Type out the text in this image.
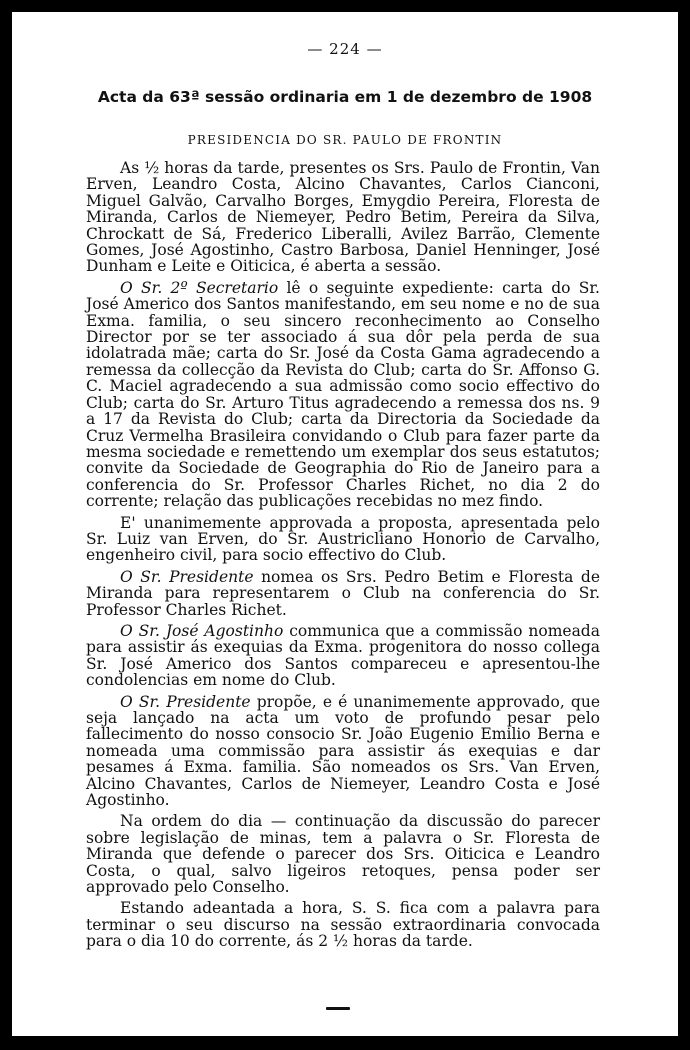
— 224 —
Acta da 63ª sessão ordinaria em 1 de dezembro de 1908
PRESIDENCIA DO SR. PAULO DE FRONTIN

As ½ horas da tarde, presentes os Srs. Paulo de Frontin, Van Erven, Leandro Costa, Alcino Chavantes, Carlos Cianconi, Miguel Galvão, Carvalho Borges, Emygdio Pereira, Floresta de Miranda, Carlos de Niemeyer, Pedro Betim, Pereira da Silva, Chrockatt de Sá, Frederico Liberalli, Avilez Barrão, Clemente Gomes, José Agostinho, Castro Barbosa, Daniel Henninger, José Dunham e Leite e Oiticica, é aberta a sessão.

O Sr. 2º Secretario lê o seguinte expediente: carta do Sr. José Americo dos Santos manifestando, em seu nome e no de sua Exma. familia, o seu sincero reconhecimento ao Conselho Director por se ter associado á sua dôr pela perda de sua idolatrada mãe; carta do Sr. José da Costa Gama agradecendo a remessa da collecção da Revista do Club; carta do Sr. Affonso G. C. Maciel agradecendo a sua admissão como socio effectivo do Club; carta do Sr. Arturo Titus agradecendo a remessa dos ns. 9 a 17 da Revista do Club; carta da Directoria da Sociedade da Cruz Vermelha Brasileira convidando o Club para fazer parte da mesma sociedade e remettendo um exemplar dos seus estatutos; convite da Sociedade de Geographia do Rio de Janeiro para a conferencia do Sr. Professor Charles Richet, no dia 2 do corrente; relação das publicações recebidas no mez findo.

E' unanimemente approvada a proposta, apresentada pelo Sr. Luiz van Erven, do Sr. Austricliano Honorio de Carvalho, engenheiro civil, para socio effectivo do Club.

O Sr. Presidente nomea os Srs. Pedro Betim e Floresta de Miranda para representarem o Club na conferencia do Sr. Professor Charles Richet.

O Sr. José Agostinho communica que a commissão nomeada para assistir ás exequias da Exma. progenitora do nosso collega Sr. José Americo dos Santos compareceu e apresentou-lhe condolencias em nome do Club.

O Sr. Presidente propõe, e é unanimemente approvado, que seja lançado na acta um voto de profundo pesar pelo fallecimento do nosso consocio Sr. João Eugenio Emilio Berna e nomeada uma commissão para assistir ás exequias e dar pesames á Exma. familia. São nomeados os Srs. Van Erven, Alcino Chavantes, Carlos de Niemeyer, Leandro Costa e José Agostinho.

Na ordem do dia — continuação da discussão do parecer sobre legislação de minas, tem a palavra o Sr. Floresta de Miranda que defende o parecer dos Srs. Oiticica e Leandro Costa, o qual, salvo ligeiros retoques, pensa poder ser approvado pelo Conselho.

Estando adeantada a hora, S. S. fica com a palavra para terminar o seu discurso na sessão extraordinaria convocada para o dia 10 do corrente, ás 2 ½ horas da tarde.
